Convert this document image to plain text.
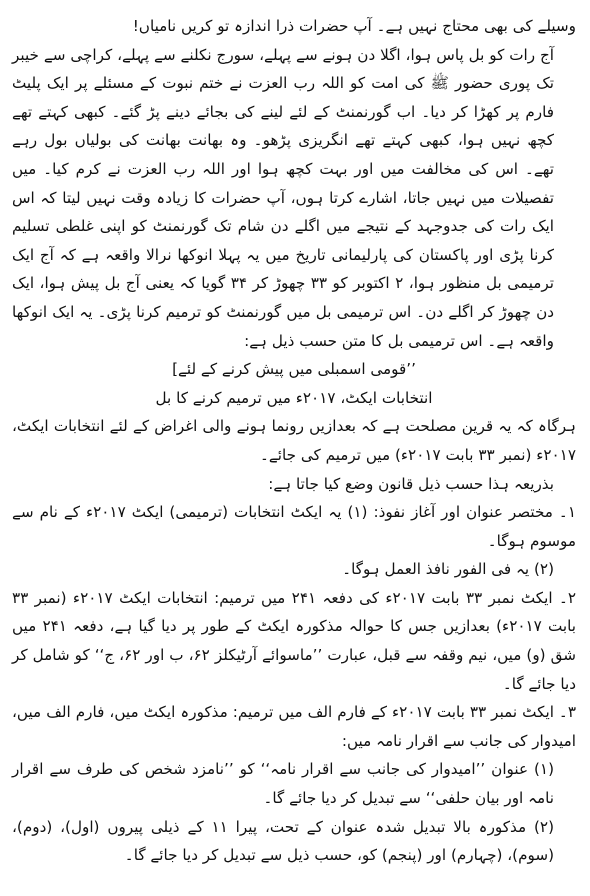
وسیلے کی بھی محتاج نہیں ہے۔ آپ حضرات ذرا اندازہ تو کریں نامیاں!

آج رات کو بل پاس ہوا، اگلا دن ہونے سے پہلے، سورج نکلنے سے پہلے، کراچی سے خیبر تک پوری حضور ﷺ کی امت کو اللہ رب العزت نے ختم نبوت کے مسئلے پر ایک پلیٹ فارم پر کھڑا کر دیا۔ اب گورنمنٹ کے لئے لینے کی بجائے دینے پڑ گئے۔ کبھی کہتے تھے کچھ نہیں ہوا، کبھی کہتے تھے انگریزی پڑھو۔ وہ بھانت بھانت کی بولیاں بول رہے تھے۔ اس کی مخالفت میں اور بہت کچھ ہوا اور اللہ رب العزت نے کرم کیا۔ میں تفصیلات میں نہیں جاتا، اشارے کرتا ہوں، آپ حضرات کا زیادہ وقت نہیں لیتا کہ اس ایک رات کی جدوجہد کے نتیجے میں اگلے دن شام تک گورنمنٹ کو اپنی غلطی تسلیم کرنا پڑی اور پاکستان کی پارلیمانی تاریخ میں یہ پہلا انوکھا نرالا واقعہ ہے کہ آج ایک ترمیمی بل منظور ہوا، ۲ اکتوبر کو ۳۳ چھوڑ کر ۳۴ گویا کہ یعنی آج بل پیش ہوا، ایک دن چھوڑ کر اگلے دن۔ اس ترمیمی بل میں گورنمنٹ کو ترمیم کرنا پڑی۔ یہ ایک انوکھا واقعہ ہے۔ اس ترمیمی بل کا متن حسب ذیل ہے:

’’قومی اسمبلی میں پیش کرنے کے لئے]

انتخابات ایکٹ، ۲۰۱۷ء میں ترمیم کرنے کا بل

ہرگاہ کہ یہ قرین مصلحت ہے کہ بعدازیں رونما ہونے والی اغراض کے لئے انتخابات ایکٹ، ۲۰۱۷ء (نمبر ۳۳ بابت ۲۰۱۷ء) میں ترمیم کی جائے۔

بذریعہ ہذا حسب ذیل قانون وضع کیا جاتا ہے:

۱۔ مختصر عنوان اور آغاز نفوذ: (۱) یہ ایکٹ انتخابات (ترمیمی) ایکٹ ۲۰۱۷ء کے نام سے موسوم ہوگا۔

(۲) یہ فی الفور نافذ العمل ہوگا۔

۲۔ ایکٹ نمبر ۳۳ بابت ۲۰۱۷ء کی دفعہ ۲۴۱ میں ترمیم: انتخابات ایکٹ ۲۰۱۷ء (نمبر ۳۳ بابت ۲۰۱۷ء) بعدازیں جس کا حوالہ مذکورہ ایکٹ کے طور پر دیا گیا ہے، دفعہ ۲۴۱ میں شق (و) میں، نیم وقفہ سے قبل، عبارت ’’ماسوائے آرٹیکلز ۶۲، ب اور ۶۲، ج‘‘ کو شامل کر دیا جائے گا۔

۳۔ ایکٹ نمبر ۳۳ بابت ۲۰۱۷ء کے فارم الف میں ترمیم: مذکورہ ایکٹ میں، فارم الف میں، امیدوار کی جانب سے اقرار نامہ میں:

(۱) عنوان ’’امیدوار کی جانب سے اقرار نامہ‘‘ کو ’’نامزد شخص کی طرف سے اقرار نامہ اور بیان حلفی‘‘ سے تبدیل کر دیا جائے گا۔

(۲) مذکورہ بالا تبدیل شدہ عنوان کے تحت، پیرا ۱۱ کے ذیلی پیروں (اول)، (دوم)، (سوم)، (چہارم) اور (پنجم) کو، حسب ذیل سے تبدیل کر دیا جائے گا۔
